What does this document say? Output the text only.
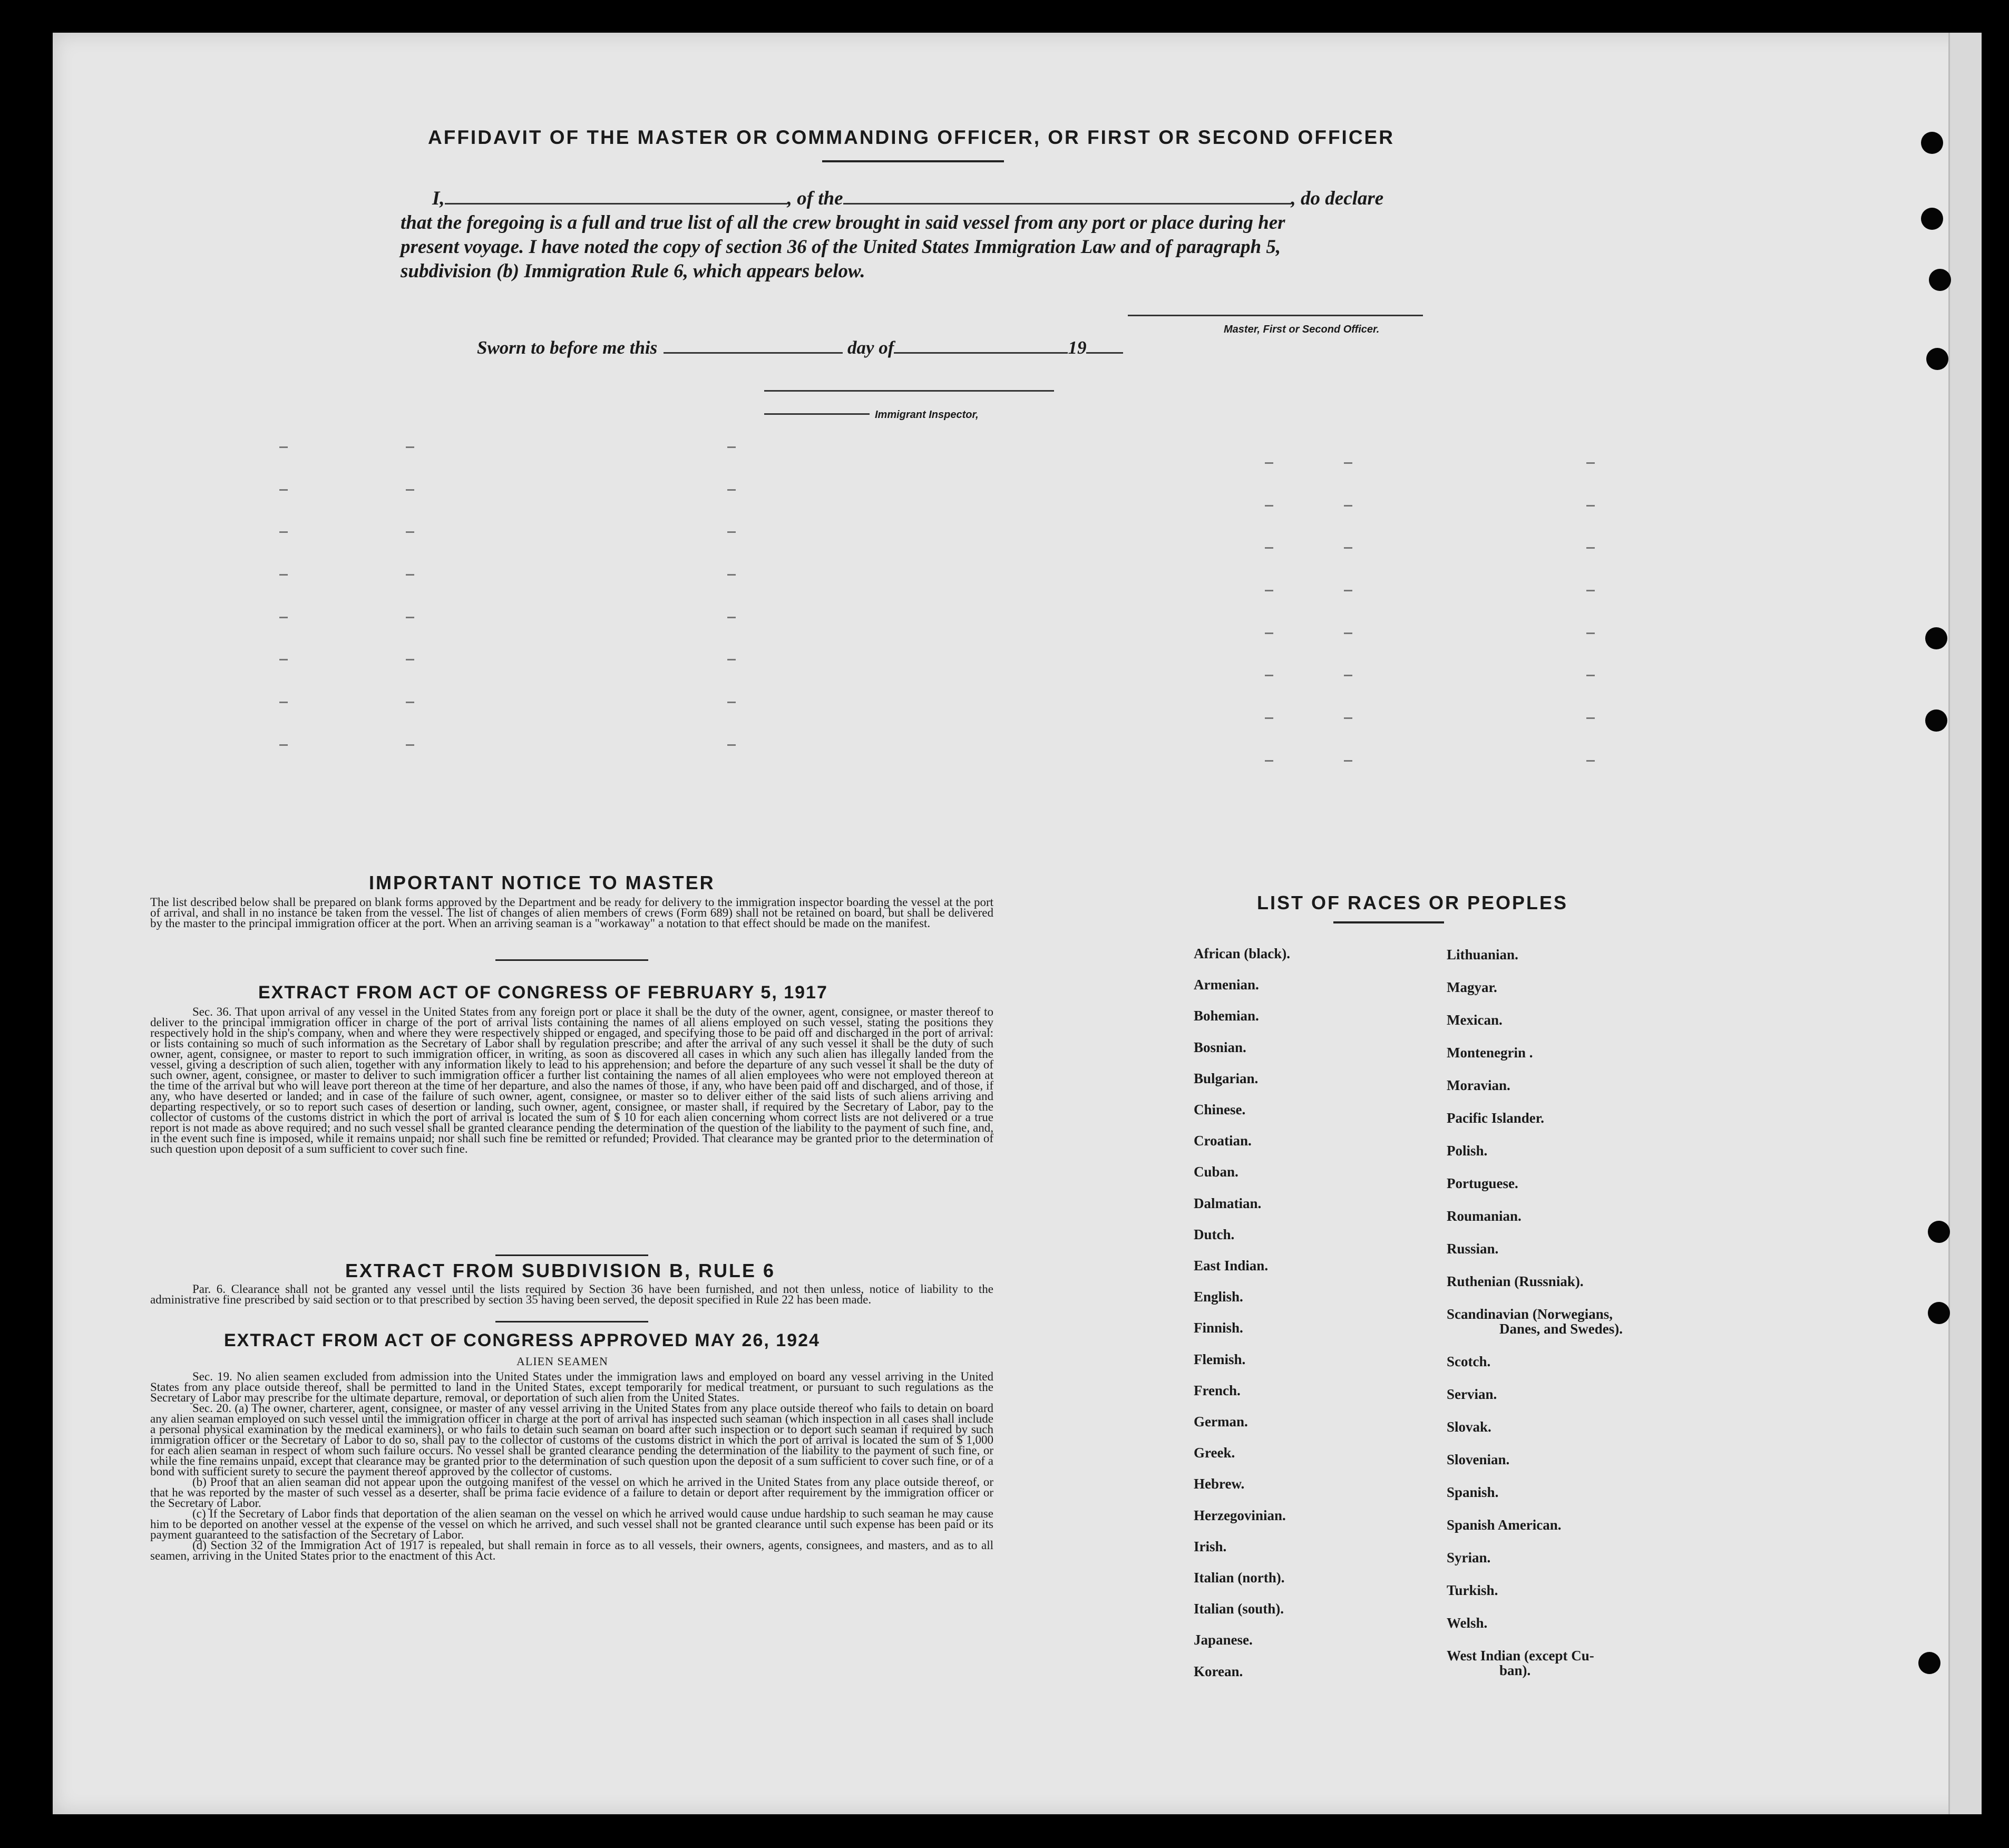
AFFIDAVIT OF THE MASTER OR COMMANDING OFFICER, OR FIRST OR SECOND OFFICER
I,	, of the	, do declare
that the foregoing is a full and true list of all the crew brought in said vessel from any port or place during her
present voyage. I have noted the copy of section 36 of the United States Immigration Law and of paragraph 5,
subdivision (b) Immigration Rule 6, which appears below.
Master, First or Second Officer.
Sworn to before me this	day of	19
Immigrant Inspector,
IMPORTANT NOTICE TO MASTER
The list described below shall be prepared on blank forms approved by the Department and be ready for delivery to the immigration inspector boarding the vessel at the port of arrival, and shall in no instance be taken from the vessel. The list of changes of alien members of crews (Form 689) shall not be retained on board, but shall be delivered by the master to the principal immigration officer at the port. When an arriving seaman is a "workaway" a notation to that effect should be made on the manifest.
EXTRACT FROM ACT OF CONGRESS OF FEBRUARY 5, 1917
Sec. 36. That upon arrival of any vessel in the United States from any foreign port or place it shall be the duty of the owner, agent, consignee, or master thereof to deliver to the principal immigration officer in charge of the port of arrival lists containing the names of all aliens employed on such vessel, stating the positions they respectively hold in the ship's company, when and where they were respectively shipped or engaged, and specifying those to be paid off and discharged in the port of arrival: or lists containing so much of such information as the Secretary of Labor shall by regulation prescribe; and after the arrival of any such vessel it shall be the duty of such owner, agent, consignee, or master to report to such immigration officer, in writing, as soon as discovered all cases in which any such alien has illegally landed from the vessel, giving a description of such alien, together with any information likely to lead to his apprehension; and before the departure of any such vessel it shall be the duty of such owner, agent, consignee, or master to deliver to such immigration officer a further list containing the names of all alien employees who were not employed thereon at the time of the arrival but who will leave port thereon at the time of her departure, and also the names of those, if any, who have been paid off and discharged, and of those, if any, who have deserted or landed; and in case of the failure of such owner, agent, consignee, or master so to deliver either of the said lists of such aliens arriving and departing respectively, or so to report such cases of desertion or landing, such owner, agent, consignee, or master shall, if required by the Secretary of Labor, pay to the collector of customs of the customs district in which the port of arrival is located the sum of $ 10 for each alien concerning whom correct lists are not delivered or a true report is not made as above required; and no such vessel shall be granted clearance pending the determination of the question of the liability to the payment of such fine, and, in the event such fine is imposed, while it remains unpaid; nor shall such fine be remitted or refunded; Provided. That clearance may be granted prior to the determination of such question upon deposit of a sum sufficient to cover such fine.
EXTRACT FROM SUBDIVISION B, RULE 6
Par. 6. Clearance shall not be granted any vessel until the lists required by Section 36 have been furnished, and not then unless, notice of liability to the administrative fine prescribed by said section or to that prescribed by section 35 having been served, the deposit specified in Rule 22 has been made.
EXTRACT FROM ACT OF CONGRESS APPROVED MAY 26, 1924
ALIEN SEAMEN
Sec. 19. No alien seamen excluded from admission into the United States under the immigration laws and employed on board any vessel arriving in the United States from any place outside thereof, shall be permitted to land in the United States, except temporarily for medical treatment, or pursuant to such regulations as the Secretary of Labor may prescribe for the ultimate departure, removal, or deportation of such alien from the United States.
Sec. 20. (a) The owner, charterer, agent, consignee, or master of any vessel arriving in the United States from any place outside thereof who fails to detain on board any alien seaman employed on such vessel until the immigration officer in charge at the port of arrival has inspected such seaman (which inspection in all cases shall include a personal physical examination by the medical examiners), or who fails to detain such seaman on board after such inspection or to deport such seaman if required by such immigration officer or the Secretary of Labor to do so, shall pay to the collector of customs of the customs district in which the port of arrival is located the sum of $ 1,000 for each alien seaman in respect of whom such failure occurs. No vessel shall be granted clearance pending the determination of the liability to the payment of such fine, or while the fine remains unpaid, except that clearance may be granted prior to the determination of such question upon the deposit of a sum sufficient to cover such fine, or of a bond with sufficient surety to secure the payment thereof approved by the collector of customs.
(b) Proof that an alien seaman did not appear upon the outgoing manifest of the vessel on which he arrived in the United States from any place outside thereof, or that he was reported by the master of such vessel as a deserter, shall be prima facie evidence of a failure to detain or deport after requirement by the immigration officer or the Secretary of Labor.
(c) If the Secretary of Labor finds that deportation of the alien seaman on the vessel on which he arrived would cause undue hardship to such seaman he may cause him to be deported on another vessel at the expense of the vessel on which he arrived, and such vessel shall not be granted clearance until such expense has been paid or its payment guaranteed to the satisfaction of the Secretary of Labor.
(d) Section 32 of the Immigration Act of 1917 is repealed, but shall remain in force as to all vessels, their owners, agents, consignees, and masters, and as to all seamen, arriving in the United States prior to the enactment of this Act.
LIST OF RACES OR PEOPLES
African (black).
Armenian.
Bohemian.
Bosnian.
Bulgarian.
Chinese.
Croatian.
Cuban.
Dalmatian.
Dutch.
East Indian.
English.
Finnish.
Flemish.
French.
German.
Greek.
Hebrew.
Herzegovinian.
Irish.
Italian (north).
Italian (south).
Japanese.
Korean.
Lithuanian.
Magyar.
Mexican.
Montenegrin .
Moravian.
Pacific Islander.
Polish.
Portuguese.
Roumanian.
Russian.
Ruthenian (Russniak).
Scandinavian (Norwegians,
Danes, and Swedes).
Scotch.
Servian.
Slovak.
Slovenian.
Spanish.
Spanish American.
Syrian.
Turkish.
Welsh.
West Indian (except Cu-
ban).
